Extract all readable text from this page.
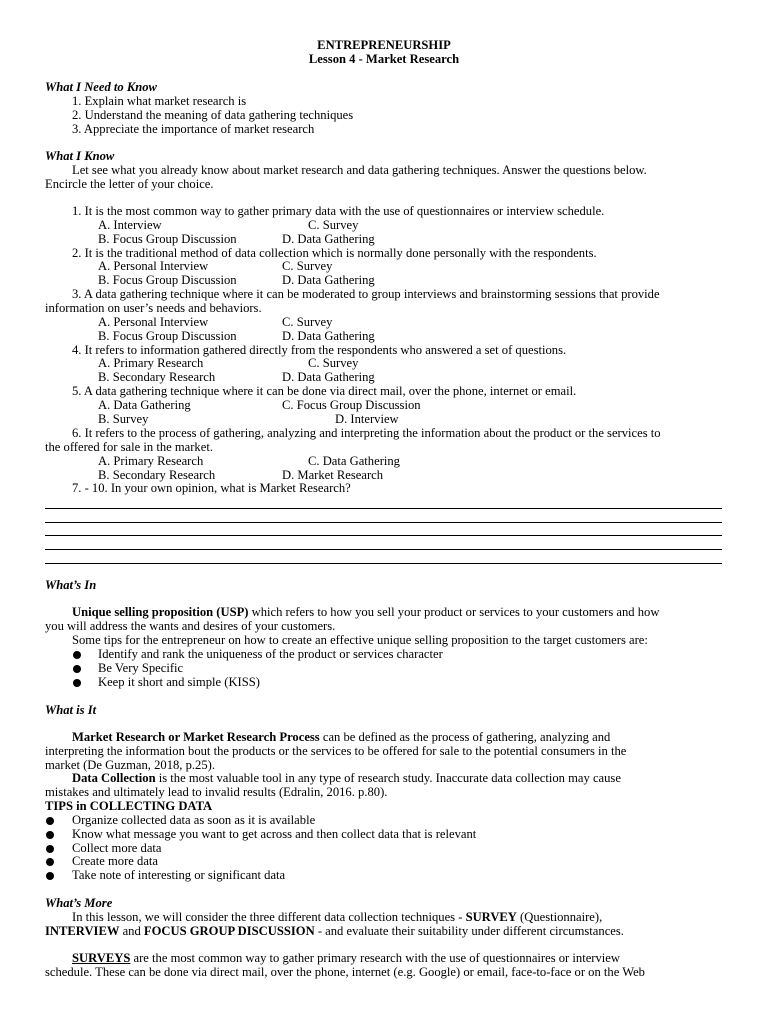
ENTREPRENEURSHIP
Lesson 4 - Market Research
What I Need to Know
1. Explain what market research is
2. Understand the meaning of data gathering techniques
3. Appreciate the importance of market research
What I Know
Let see what you already know about market research and data gathering techniques. Answer the questions below.
Encircle the letter of your choice.
1. It is the most common way to gather primary data with the use of questionnaires or interview schedule.
A. Interview	C. Survey
B. Focus Group Discussion	D. Data Gathering
2. It is the traditional method of data collection which is normally done personally with the respondents.
A. Personal Interview	C. Survey
B. Focus Group Discussion	D. Data Gathering
3. A data gathering technique where it can be moderated to group interviews and brainstorming sessions that provide
information on user’s needs and behaviors.
A. Personal Interview	C. Survey
B. Focus Group Discussion	D. Data Gathering
4. It refers to information gathered directly from the respondents who answered a set of questions.
A. Primary Research	C. Survey
B. Secondary Research	D. Data Gathering
5. A data gathering technique where it can be done via direct mail, over the phone, internet or email.
A. Data Gathering	C. Focus Group Discussion
B. Survey	D. Interview
6. It refers to the process of gathering, analyzing and interpreting the information about the product or the services to
the offered for sale in the market.
A. Primary Research	C. Data Gathering
B. Secondary Research	D. Market Research
7. - 10. In your own opinion, what is Market Research?
What’s In
Unique selling proposition (USP) which refers to how you sell your product or services to your customers and how
you will address the wants and desires of your customers.
Some tips for the entrepreneur on how to create an effective unique selling proposition to the target customers are:
Identify and rank the uniqueness of the product or services character
Be Very Specific
Keep it short and simple (KISS)
What is It
Market Research or Market Research Process can be defined as the process of gathering, analyzing and
interpreting the information bout the products or the services to be offered for sale to the potential consumers in the
market (De Guzman, 2018, p.25).
Data Collection is the most valuable tool in any type of research study. Inaccurate data collection may cause
mistakes and ultimately lead to invalid results (Edralin, 2016. p.80).
TIPS in COLLECTING DATA
Organize collected data as soon as it is available
Know what message you want to get across and then collect data that is relevant
Collect more data
Create more data
Take note of interesting or significant data
What’s More
In this lesson, we will consider the three different data collection techniques - SURVEY (Questionnaire),
INTERVIEW and FOCUS GROUP DISCUSSION - and evaluate their suitability under different circumstances.
SURVEYS are the most common way to gather primary research with the use of questionnaires or interview
schedule. These can be done via direct mail, over the phone, internet (e.g. Google) or email, face-to-face or on the Web
